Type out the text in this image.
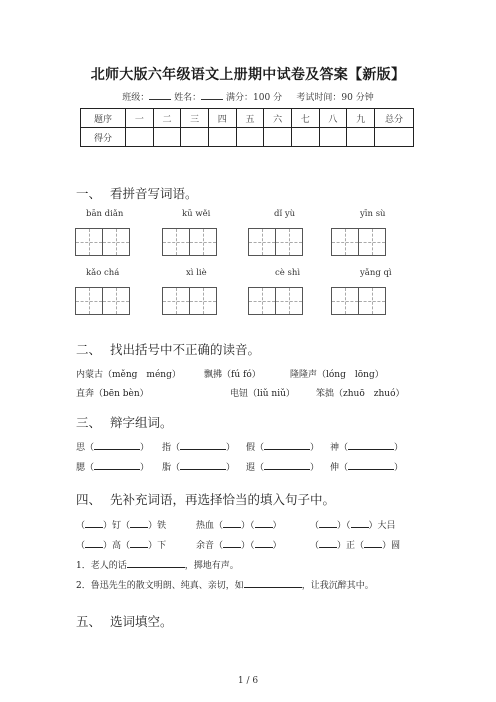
北师大版六年级语文上册期中试卷及答案【新版】
班级：	姓名：	满分：100 分 考试时间：90 分钟
题序	一	二	三	四	五	六	七	八	九	总分
得分										
一、 看拼音写词语。
bān diǎn	kū wěi	dǐ yù	yīn sù
kǎo chá	xì liè	cè shì	yǎng qì
二、 找出括号中不正确的读音。
内蒙古（měng　méng）	飘拂（fú fó）	隆隆声（lóng　lōng）
直奔（bēn bèn）	电钮（liǔ niǔ） 笨拙（zhuō　zhuó）
三、 辩字组词。
思（	） 指（	） 假（	） 神（	）
腮（	） 脂（	） 遐（	） 伸（	）
四、 先补充词语，再选择恰当的填入句子中。
（ ）钉（ ）铁	热血（ ）（ ）	（ ）（ ）大吕
（ ）高（ ）下	余音（ ）（ ）	（ ）正（ ）圆
1．老人的话	，掷地有声。
2．鲁迅先生的散文明朗、纯真、亲切，如	，让我沉醉其中。
五、 选词填空。
1 / 6
